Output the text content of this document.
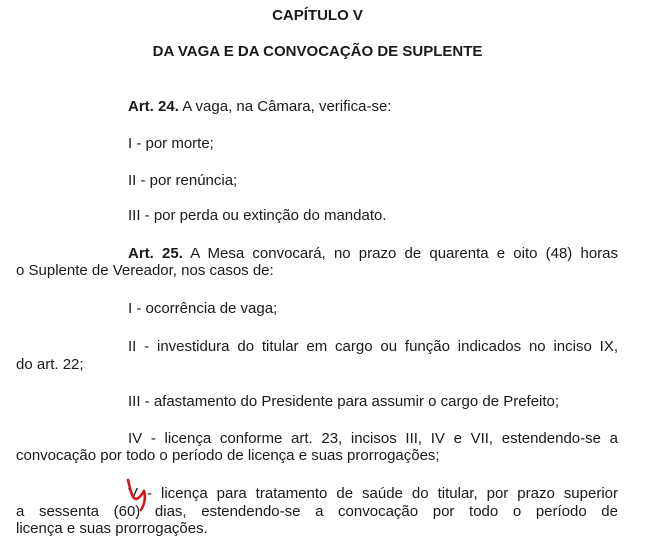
CAPÍTULO V
DA VAGA E DA CONVOCAÇÃO DE SUPLENTE
Art. 24. A vaga, na Câmara, verifica-se:
I - por morte;
II - por renúncia;
III - por perda ou extinção do mandato.
Art. 25. A Mesa convocará, no prazo de quarenta e oito (48) horas
o Suplente de Vereador, nos casos de:
I - ocorrência de vaga;
II - investidura do titular em cargo ou função indicados no inciso IX,
do art. 22;
III - afastamento do Presidente para assumir o cargo de Prefeito;
IV - licença conforme art. 23, incisos III, IV e VII, estendendo-se a
convocação por todo o período de licença e suas prorrogações;
V - licença para tratamento de saúde do titular, por prazo superior
a sessenta (60) dias, estendendo-se a convocação por todo o período de
licença e suas prorrogações.
